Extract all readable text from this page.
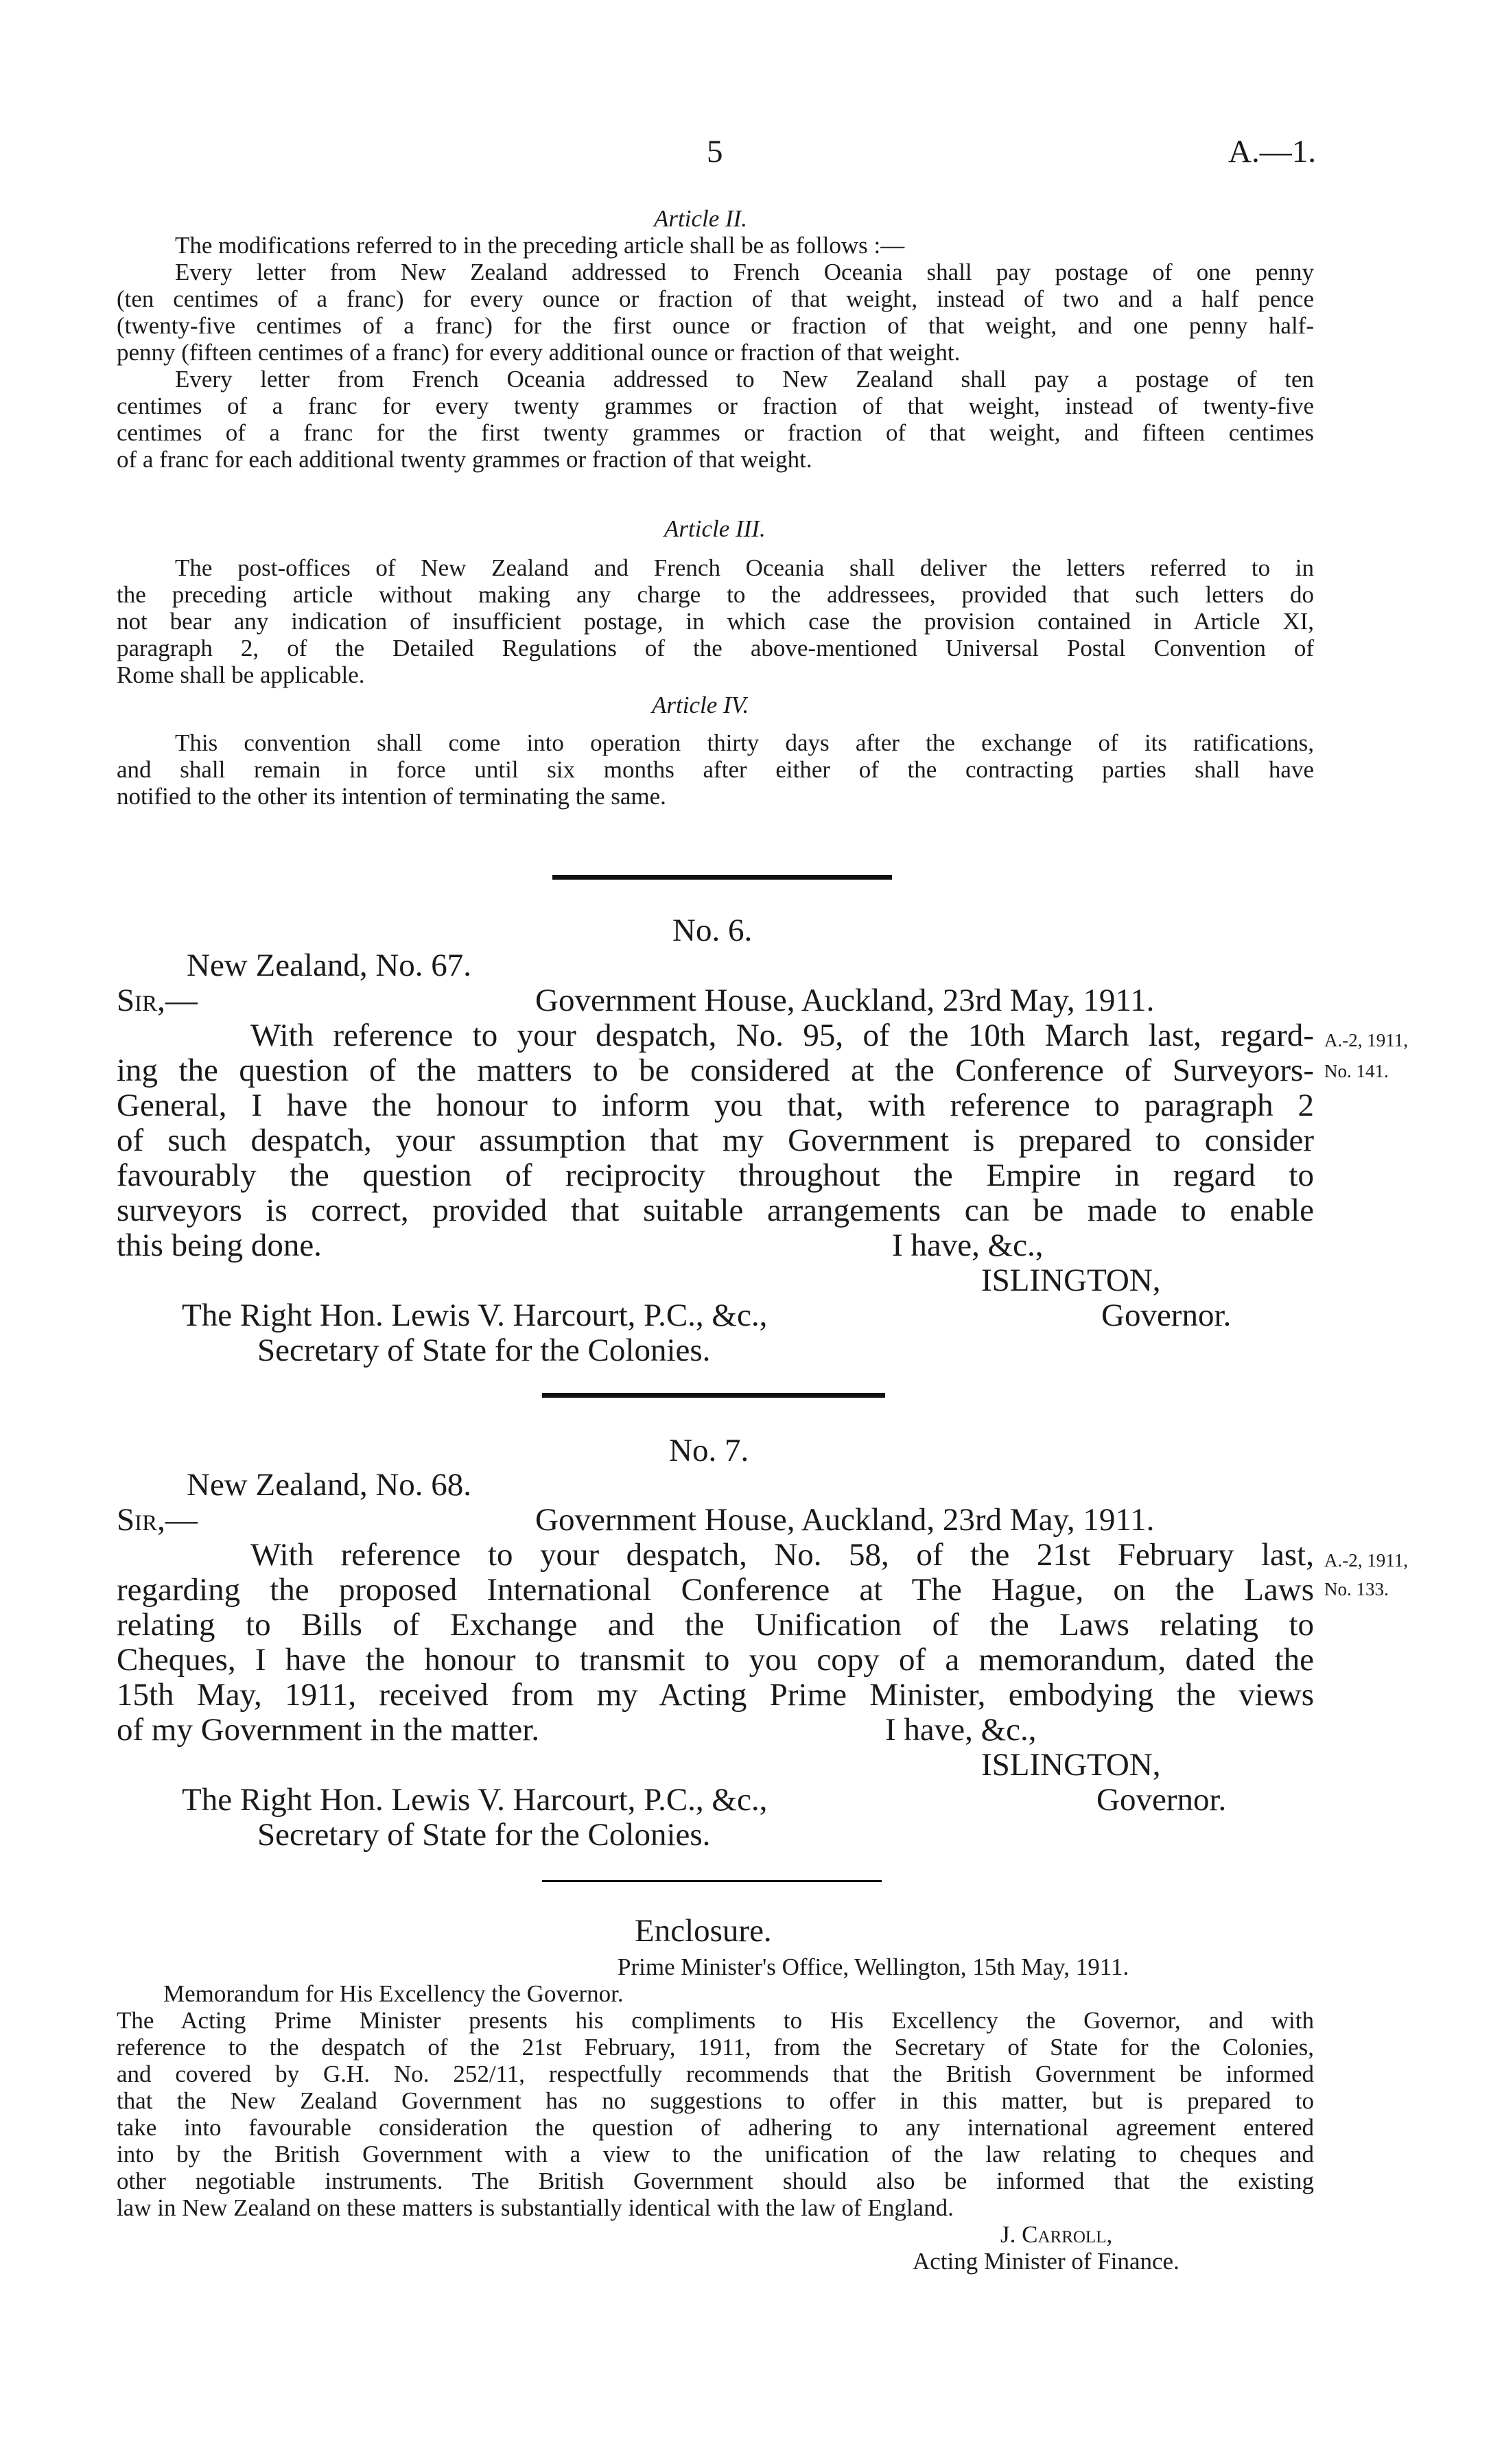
5	A.—1.
Article II.
The modifications referred to in the preceding article shall be as follows :—
Every letter from New Zealand addressed to French Oceania shall pay postage of one penny
(ten centimes of a franc) for every ounce or fraction of that weight, instead of two and a half pence
(twenty-five centimes of a franc) for the first ounce or fraction of that weight, and one penny half-
penny (fifteen centimes of a franc) for every additional ounce or fraction of that weight.
Every letter from French Oceania addressed to New Zealand shall pay a postage of ten
centimes of a franc for every twenty grammes or fraction of that weight, instead of twenty-five
centimes of a franc for the first twenty grammes or fraction of that weight, and fifteen centimes
of a franc for each additional twenty grammes or fraction of that weight.
Article III.
The post-offices of New Zealand and French Oceania shall deliver the letters referred to in
the preceding article without making any charge to the addressees, provided that such letters do
not bear any indication of insufficient postage, in which case the provision contained in Article XI,
paragraph 2, of the Detailed Regulations of the above-mentioned Universal Postal Convention of
Rome shall be applicable.
Article IV.
This convention shall come into operation thirty days after the exchange of its ratifications,
and shall remain in force until six months after either of the contracting parties shall have
notified to the other its intention of terminating the same.
No. 6.
New Zealand, No. 67.
Sir,—	Government House, Auckland, 23rd May, 1911.
With reference to your despatch, No. 95, of the 10th March last, regard-
ing the question of the matters to be considered at the Conference of Surveyors-
General, I have the honour to inform you that, with reference to paragraph 2
of such despatch, your assumption that my Government is prepared to consider
favourably the question of reciprocity throughout the Empire in regard to
surveyors is correct, provided that suitable arrangements can be made to enable
this being done.	I have, &c.,
ISLINGTON,
The Right Hon. Lewis V. Harcourt, P.C., &c.,	Governor.
Secretary of State for the Colonies.
A.-2, 1911,
No. 141.
No. 7.
New Zealand, No. 68.
Sir,—	Government House, Auckland, 23rd May, 1911.
With reference to your despatch, No. 58, of the 21st February last,
regarding the proposed International Conference at The Hague, on the Laws
relating to Bills of Exchange and the Unification of the Laws relating to
Cheques, I have the honour to transmit to you copy of a memorandum, dated the
15th May, 1911, received from my Acting Prime Minister, embodying the views
of my Government in the matter.	I have, &c.,
ISLINGTON,
The Right Hon. Lewis V. Harcourt, P.C., &c.,	Governor.
Secretary of State for the Colonies.
A.-2, 1911,
No. 133.
Enclosure.
Prime Minister's Office, Wellington, 15th May, 1911.
Memorandum for His Excellency the Governor.
The Acting Prime Minister presents his compliments to His Excellency the Governor, and with
reference to the despatch of the 21st February, 1911, from the Secretary of State for the Colonies,
and covered by G.H. No. 252/11, respectfully recommends that the British Government be informed
that the New Zealand Government has no suggestions to offer in this matter, but is prepared to
take into favourable consideration the question of adhering to any international agreement entered
into by the British Government with a view to the unification of the law relating to cheques and
other negotiable instruments. The British Government should also be informed that the existing
law in New Zealand on these matters is substantially identical with the law of England.
J. Carroll,
Acting Minister of Finance.
